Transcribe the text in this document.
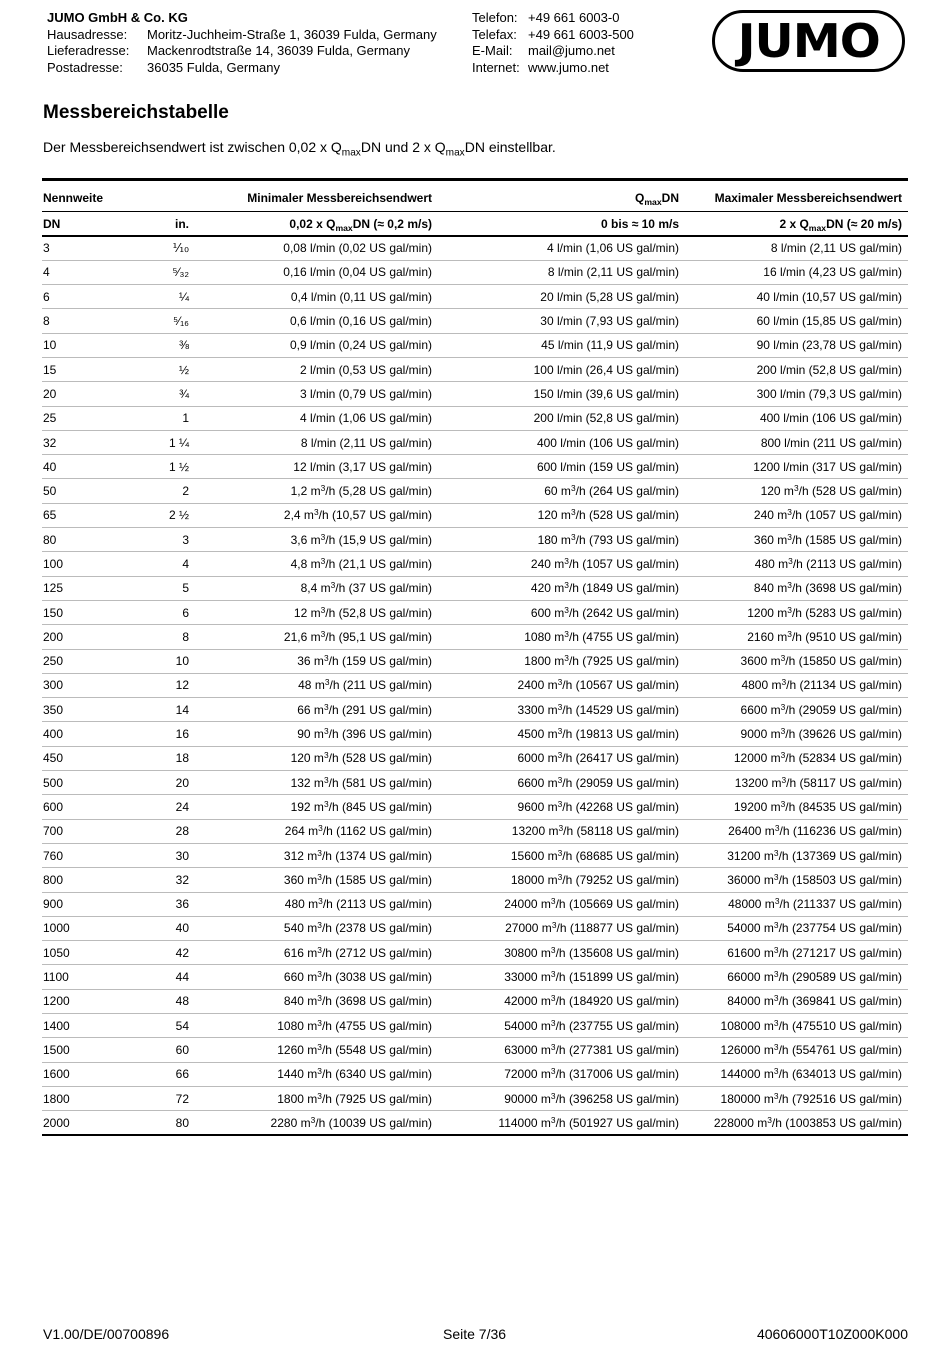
JUMO GmbH & Co. KG
Hausadresse:	Moritz-Juchheim-Straße 1, 36039 Fulda, Germany
Lieferadresse:	Mackenrodtstraße 14, 36039 Fulda, Germany
Postadresse:	36035 Fulda, Germany
Telefon: +49 661 6003-0
Telefax: +49 661 6003-500
E-Mail:	mail@jumo.net
Internet: www.jumo.net	JUMO
Messbereichstabelle
Der Messbereichsendwert ist zwischen 0,02 x $Q_{max}DN$ und 2 x $Q_{max}DN$ einstellbar.
Nennweite		Minimaler Messbereichsendwert	$Q_{max}DN$	Maximaler Messbereichsendwert
DN	in.	0,02 x $Q_{max}DN$ (≈ 0,2 m/s)	0 bis ≈ 10 m/s	2 x $Q_{max}DN$ (≈ 20 m/s)
3	⅒	0,08 l/min (0,02 US gal/min)	4 l/min (1,06 US gal/min)	8 l/min (2,11 US gal/min)
4	⁵⁄₃₂	0,16 l/min (0,04 US gal/min)	8 l/min (2,11 US gal/min)	16 l/min (4,23 US gal/min)
6	¼	0,4 l/min (0,11 US gal/min)	20 l/min (5,28 US gal/min)	40 l/min (10,57 US gal/min)
8	⁵⁄₁₆	0,6 l/min (0,16 US gal/min)	30 l/min (7,93 US gal/min)	60 l/min (15,85 US gal/min)
10	⅜	0,9 l/min (0,24 US gal/min)	45 l/min (11,9 US gal/min)	90 l/min (23,78 US gal/min)
15	½	2 l/min (0,53 US gal/min)	100 l/min (26,4 US gal/min)	200 l/min (52,8 US gal/min)
20	¾	3 l/min (0,79 US gal/min)	150 l/min (39,6 US gal/min)	300 l/min (79,3 US gal/min)
25	1	4 l/min (1,06 US gal/min)	200 l/min (52,8 US gal/min)	400 l/min (106 US gal/min)
32	1 ¼	8 l/min (2,11 US gal/min)	400 l/min (106 US gal/min)	800 l/min (211 US gal/min)
40	1 ½	12 l/min (3,17 US gal/min)	600 l/min (159 US gal/min)	1200 l/min (317 US gal/min)
50	2	1,2 $m^3/h$ (5,28 US gal/min)	60 $m^3/h$ (264 US gal/min)	120 $m^3/h$ (528 US gal/min)
65	2 ½	2,4 $m^3/h$ (10,57 US gal/min)	120 $m^3/h$ (528 US gal/min)	240 $m^3/h$ (1057 US gal/min)
80	3	3,6 $m^3/h$ (15,9 US gal/min)	180 $m^3/h$ (793 US gal/min)	360 $m^3/h$ (1585 US gal/min)
100	4	4,8 $m^3/h$ (21,1 US gal/min)	240 $m^3/h$ (1057 US gal/min)	480 $m^3/h$ (2113 US gal/min)
125	5	8,4 $m^3/h$ (37 US gal/min)	420 $m^3/h$ (1849 US gal/min)	840 $m^3/h$ (3698 US gal/min)
150	6	12 $m^3/h$ (52,8 US gal/min)	600 $m^3/h$ (2642 US gal/min)	1200 $m^3/h$ (5283 US gal/min)
200	8	21,6 $m^3/h$ (95,1 US gal/min)	1080 $m^3/h$ (4755 US gal/min)	2160 $m^3/h$ (9510 US gal/min)
250	10	36 $m^3/h$ (159 US gal/min)	1800 $m^3/h$ (7925 US gal/min)	3600 $m^3/h$ (15850 US gal/min)
300	12	48 $m^3/h$ (211 US gal/min)	2400 $m^3/h$ (10567 US gal/min)	4800 $m^3/h$ (21134 US gal/min)
350	14	66 $m^3/h$ (291 US gal/min)	3300 $m^3/h$ (14529 US gal/min)	6600 $m^3/h$ (29059 US gal/min)
400	16	90 $m^3/h$ (396 US gal/min)	4500 $m^3/h$ (19813 US gal/min)	9000 $m^3/h$ (39626 US gal/min)
450	18	120 $m^3/h$ (528 US gal/min)	6000 $m^3/h$ (26417 US gal/min)	12000 $m^3/h$ (52834 US gal/min)
500	20	132 $m^3/h$ (581 US gal/min)	6600 $m^3/h$ (29059 US gal/min)	13200 $m^3/h$ (58117 US gal/min)
600	24	192 $m^3/h$ (845 US gal/min)	9600 $m^3/h$ (42268 US gal/min)	19200 $m^3/h$ (84535 US gal/min)
700	28	264 $m^3/h$ (1162 US gal/min)	13200 $m^3/h$ (58118 US gal/min)	26400 $m^3/h$ (116236 US gal/min)
760	30	312 $m^3/h$ (1374 US gal/min)	15600 $m^3/h$ (68685 US gal/min)	31200 $m^3/h$ (137369 US gal/min)
800	32	360 $m^3/h$ (1585 US gal/min)	18000 $m^3/h$ (79252 US gal/min)	36000 $m^3/h$ (158503 US gal/min)
900	36	480 $m^3/h$ (2113 US gal/min)	24000 $m^3/h$ (105669 US gal/min)	48000 $m^3/h$ (211337 US gal/min)
1000	40	540 $m^3/h$ (2378 US gal/min)	27000 $m^3/h$ (118877 US gal/min)	54000 $m^3/h$ (237754 US gal/min)
1050	42	616 $m^3/h$ (2712 US gal/min)	30800 $m^3/h$ (135608 US gal/min)	61600 $m^3/h$ (271217 US gal/min)
1100	44	660 $m^3/h$ (3038 US gal/min)	33000 $m^3/h$ (151899 US gal/min)	66000 $m^3/h$ (290589 US gal/min)
1200	48	840 $m^3/h$ (3698 US gal/min)	42000 $m^3/h$ (184920 US gal/min)	84000 $m^3/h$ (369841 US gal/min)
1400	54	1080 $m^3/h$ (4755 US gal/min)	54000 $m^3/h$ (237755 US gal/min)	108000 $m^3/h$ (475510 US gal/min)
1500	60	1260 $m^3/h$ (5548 US gal/min)	63000 $m^3/h$ (277381 US gal/min)	126000 $m^3/h$ (554761 US gal/min)
1600	66	1440 $m^3/h$ (6340 US gal/min)	72000 $m^3/h$ (317006 US gal/min)	144000 $m^3/h$ (634013 US gal/min)
1800	72	1800 $m^3/h$ (7925 US gal/min)	90000 $m^3/h$ (396258 US gal/min)	180000 $m^3/h$ (792516 US gal/min)
2000	80	2280 $m^3/h$ (10039 US gal/min)	114000 $m^3/h$ (501927 US gal/min)	228000 $m^3/h$ (1003853 US gal/min)
V1.00/DE/00700896	Seite 7/36	40606000T10Z000K000
